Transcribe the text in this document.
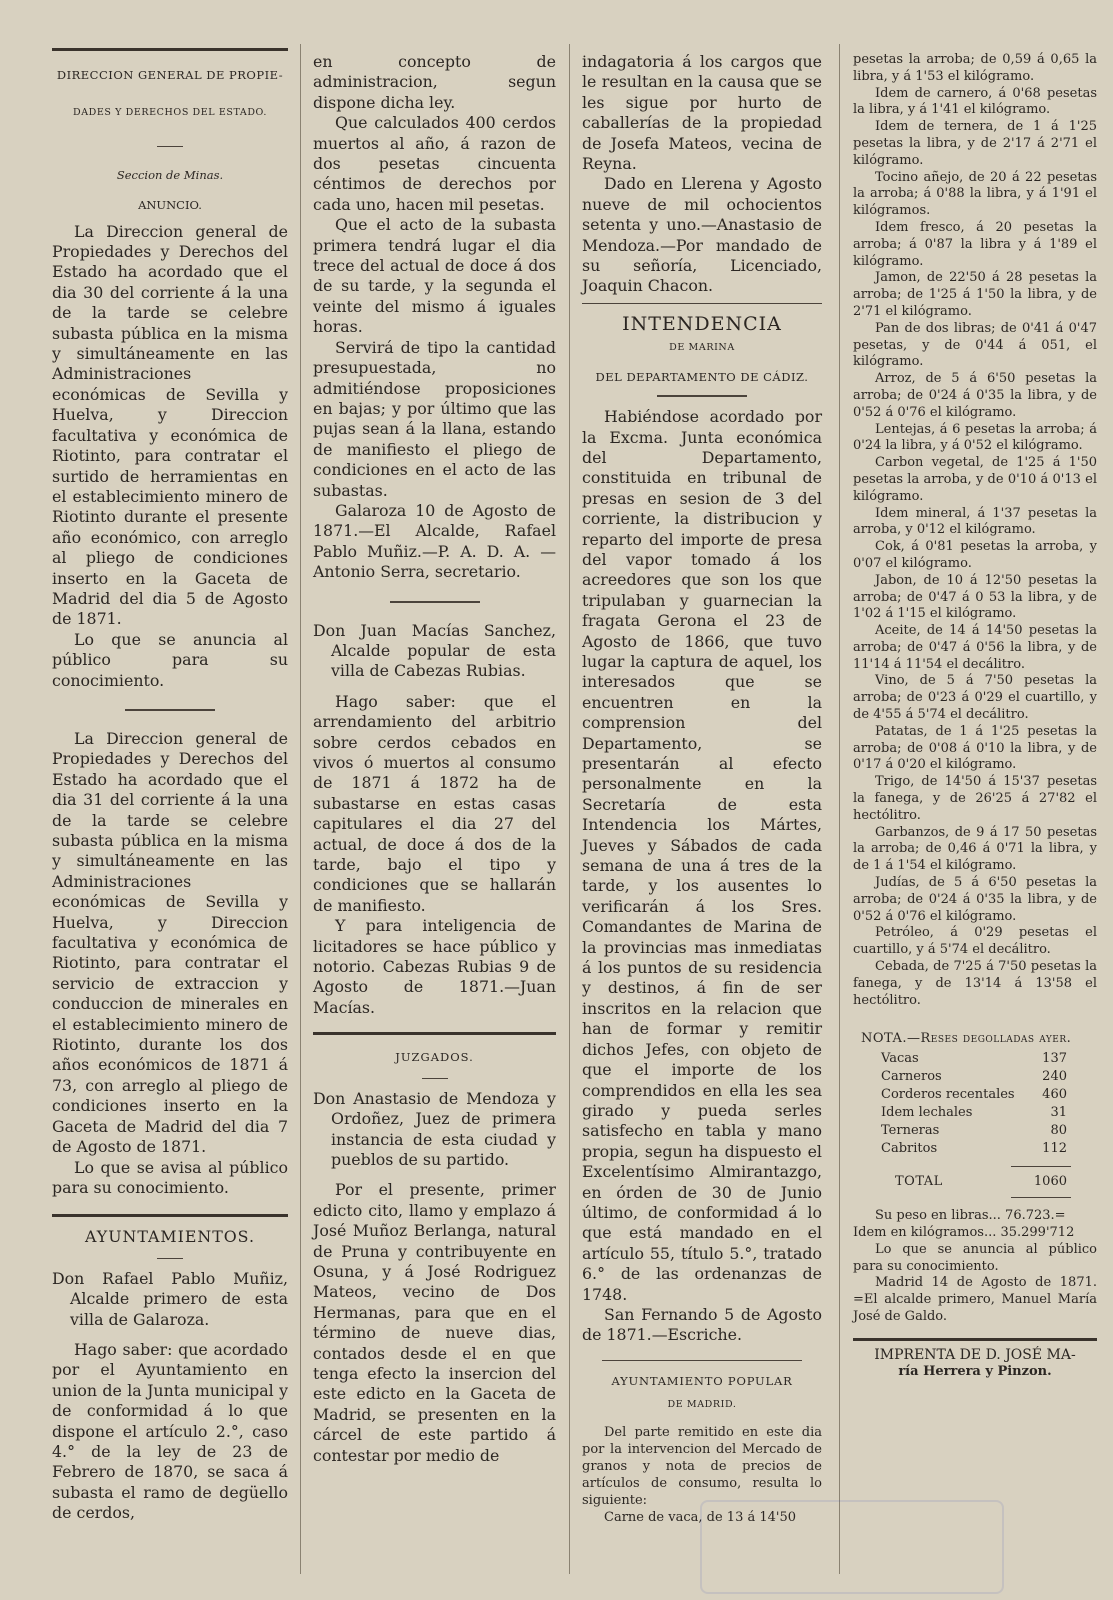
DIRECCION GENERAL DE PROPIE-
DADES Y DERECHOS DEL ESTADO.
Seccion de Minas.
ANUNCIO.

La Direccion general de Propiedades y Derechos del Estado ha acordado que el dia 30 del corriente á la una de la tarde se celebre subasta pública en la misma y simultáneamente en las Administraciones económicas de Sevilla y Huelva, y Direccion facultativa y económica de Riotinto, para contratar el surtido de herramientas en el establecimiento minero de Riotinto durante el presente año económico, con arreglo al pliego de condiciones inserto en la Gaceta de Madrid del dia 5 de Agosto de 1871.

Lo que se anuncia al público para su conocimiento.

La Direccion general de Propiedades y Derechos del Estado ha acordado que el dia 31 del corriente á la una de la tarde se celebre subasta pública en la misma y simultáneamente en las Administraciones económicas de Sevilla y Huelva, y Direccion facultativa y económica de Riotinto, para contratar el servicio de extraccion y conduccion de minerales en el establecimiento minero de Riotinto, durante los dos años económicos de 1871 á 73, con arreglo al pliego de condiciones inserto en la Gaceta de Madrid del dia 7 de Agosto de 1871.

Lo que se avisa al público para su conocimiento.

AYUNTAMIENTOS.

Don Rafael Pablo Muñiz, Alcalde primero de esta villa de Galaroza.

Hago saber: que acordado por el Ayuntamiento en union de la Junta municipal y de conformidad á lo que dispone el artículo 2.°, caso 4.° de la ley de 23 de Febrero de 1870, se saca á subasta el ramo de degüello de cerdos,

en concepto de administracion, segun dispone dicha ley.

Que calculados 400 cerdos muertos al año, á razon de dos pesetas cincuenta céntimos de derechos por cada uno, hacen mil pesetas.

Que el acto de la subasta primera tendrá lugar el dia trece del actual de doce á dos de su tarde, y la segunda el veinte del mismo á iguales horas.

Servirá de tipo la cantidad presupuestada, no admitiéndose proposiciones en bajas; y por último que las pujas sean á la llana, estando de manifiesto el pliego de condiciones en el acto de las subastas.

Galaroza 10 de Agosto de 1871.—El Alcalde, Rafael Pablo Muñiz.—P. A. D. A. —Antonio Serra, secretario.

Don Juan Macías Sanchez, Alcalde popular de esta villa de Cabezas Rubias.

Hago saber: que el arrendamiento del arbitrio sobre cerdos cebados en vivos ó muertos al consumo de 1871 á 1872 ha de subastarse en estas casas capitulares el dia 27 del actual, de doce á dos de la tarde, bajo el tipo y condiciones que se hallarán de manifiesto.

Y para inteligencia de licitadores se hace público y notorio. Cabezas Rubias 9 de Agosto de 1871.—Juan Macías.

JUZGADOS.

Don Anastasio de Mendoza y Ordoñez, Juez de primera instancia de esta ciudad y pueblos de su partido.

Por el presente, primer edicto cito, llamo y emplazo á José Muñoz Berlanga, natural de Pruna y contribuyente en Osuna, y á José Rodriguez Mateos, vecino de Dos Hermanas, para que en el término de nueve dias, contados desde el en que tenga efecto la insercion del este edicto en la Gaceta de Madrid, se presenten en la cárcel de este partido á contestar por medio de

indagatoria á los cargos que le resultan en la causa que se les sigue por hurto de caballerías de la propiedad de Josefa Mateos, vecina de Reyna.

Dado en Llerena y Agosto nueve de mil ochocientos setenta y uno.—Anastasio de Mendoza.—Por mandado de su señoría, Licenciado, Joaquin Chacon.

INTENDENCIA
DE MARINA
DEL DEPARTAMENTO DE CÁDIZ.

Habiéndose acordado por la Excma. Junta económica del Departamento, constituida en tribunal de presas en sesion de 3 del corriente, la distribucion y reparto del importe de presa del vapor tomado á los acreedores que son los que tripulaban y guarnecian la fragata Gerona el 23 de Agosto de 1866, que tuvo lugar la captura de aquel, los interesados que se encuentren en la comprension del Departamento, se presentarán al efecto personalmente en la Secretaría de esta Intendencia los Mártes, Jueves y Sábados de cada semana de una á tres de la tarde, y los ausentes lo verificarán á los Sres. Comandantes de Marina de la provincias mas inmediatas á los puntos de su residencia y destinos, á fin de ser inscritos en la relacion que han de formar y remitir dichos Jefes, con objeto de que el importe de los comprendidos en ella les sea girado y pueda serles satisfecho en tabla y mano propia, segun ha dispuesto el Excelentísimo Almirantazgo, en órden de 30 de Junio último, de conformidad á lo que está mandado en el artículo 55, título 5.°, tratado 6.° de las ordenanzas de 1748.

San Fernando 5 de Agosto de 1871.—Escriche.

AYUNTAMIENTO POPULAR
DE MADRID.

Del parte remitido en este dia por la intervencion del Mercado de granos y nota de precios de artículos de consumo, resulta lo siguiente:

Carne de vaca, de 13 á 14'50

pesetas la arroba; de 0,59 á 0,65 la libra, y á 1'53 el kilógramo.

Idem de carnero, á 0'68 pesetas la libra, y á 1'41 el kilógramo.

Idem de ternera, de 1 á 1'25 pesetas la libra, y de 2'17 á 2'71 el kilógramo.

Tocino añejo, de 20 á 22 pesetas la arroba; á 0'88 la libra, y á 1'91 el kilógramos.

Idem fresco, á 20 pesetas la arroba; á 0'87 la libra y á 1'89 el kilógramo.

Jamon, de 22'50 á 28 pesetas la arroba; de 1'25 á 1'50 la libra, y de 2'71 el kilógramo.

Pan de dos libras; de 0'41 á 0'47 pesetas, y de 0'44 á 051, el kilógramo.

Arroz, de 5 á 6'50 pesetas la arroba; de 0'24 á 0'35 la libra, y de 0'52 á 0'76 el kilógramo.

Lentejas, á 6 pesetas la arroba; á 0'24 la libra, y á 0'52 el kilógramo.

Carbon vegetal, de 1'25 á 1'50 pesetas la arroba, y de 0'10 á 0'13 el kilógramo.

Idem mineral, á 1'37 pesetas la arroba, y 0'12 el kilógramo.

Cok, á 0'81 pesetas la arroba, y 0'07 el kilógramo.

Jabon, de 10 á 12'50 pesetas la arroba; de 0'47 á 0 53 la libra, y de 1'02 á 1'15 el kilógramo.

Aceite, de 14 á 14'50 pesetas la arroba; de 0'47 á 0'56 la libra, y de 11'14 á 11'54 el decálitro.

Vino, de 5 á 7'50 pesetas la arroba; de 0'23 á 0'29 el cuartillo, y de 4'55 á 5'74 el decálitro.

Patatas, de 1 á 1'25 pesetas la arroba; de 0'08 á 0'10 la libra, y de 0'17 á 0'20 el kilógramo.

Trigo, de 14'50 á 15'37 pesetas la fanega, y de 26'25 á 27'82 el hectólitro.

Garbanzos, de 9 á 17 50 pesetas la arroba; de 0,46 á 0'71 la libra, y de 1 á 1'54 el kilógramo.

Judías, de 5 á 6'50 pesetas la arroba; de 0'24 á 0'35 la libra, y de 0'52 á 0'76 el kilógramo.

Petróleo, á 0'29 pesetas el cuartillo, y á 5'74 el decálitro.

Cebada, de 7'25 á 7'50 pesetas la fanega, y de 13'14 á 13'58 el hectólitro.

NOTA.—Reses degolladas ayer.
Vacas	137
Carneros	240
Corderos recentales	460
Idem lechales	31
Terneras	80
Cabritos	112
TOTAL	1060

Su peso en libras... 76.723.=

Idem en kilógramos... 35.299'712

Lo que se anuncia al público para su conocimiento.

Madrid 14 de Agosto de 1871. =El alcalde primero, Manuel María José de Galdo.

IMPRENTA DE D. JOSÉ MA-
ría Herrera y Pinzon.
